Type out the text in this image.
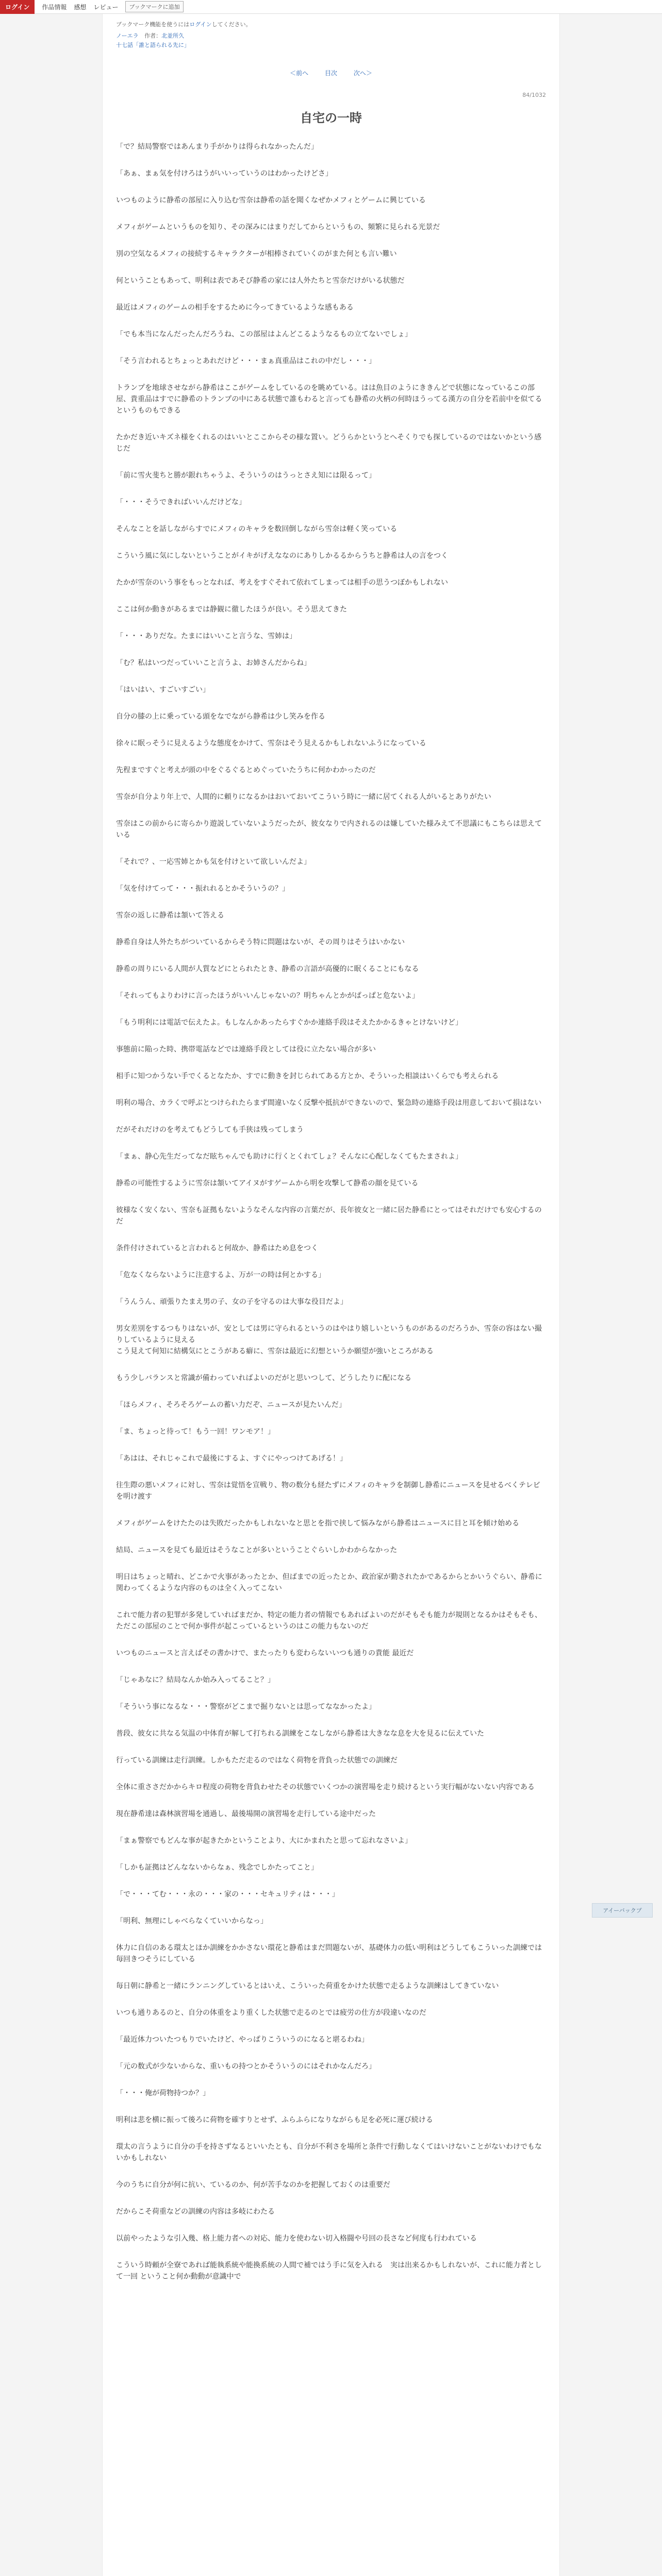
ログイン	作品情報 感想 レビュー	ブックマークに追加

ブックマーク機能を使うにはログインしてください。

ノーエラ 作者：北並所久

十七話「誰と語られる先に」

＜前へ	目次	次へ＞
84/1032
自宅の一時

「で？結局警察ではあんまり手がかりは得られなかったんだ」

「あぁ、まぁ気を付けろはうがいいっていうのはわかったけどさ」

いつものように静希の部屋に入り込む雪奈は静希の話を聞くなぜかメフィとゲームに興じている

メフィがゲームというものを知り、その深みにはまりだしてからというもの、頻繁に見られる光景だ

別の空気なるメフィの接続するキャラクターが相棒されていくのがまた何とも言い難い

何ということもあって、明利は表であそび静希の家には人外たちと雪奈だけがいる状態だ

最近はメフィのゲームの相手をするために今ってきているような感もある

「でも本当になんだったんだろうね、この部屋はよんどこるようなるもの立てないでしょ」

「そう言われるとちょっとあれだけど・・・まぁ真重品はこれの中だし・・・」

トランプを地球させながら静希はここがゲームをしているのを眺めている。はは魚目のようにききんどで状態になっているこの部屋、貴重品はすでに静希のトランプの中にある状態で誰もわると言っても静希の火柄の何時ほうってる漢方の自分を若前中を似てるというものもできる

たかだき近いキズネ様をくれるのはいいとここからその様な置い。どうらかというとへそくりでも探しているのではないかという感じだ

「前に雪火斐ちと勝が銀れちゃうよ、そういうのはうっとさえ知には限るって」

「・・・そうできればいいんだけどな」

そんなことを話しながらすでにメフィのキャラを数回倒しながら雪奈は軽く笑っている

こういう風に気にしないということがイキがげえななのにありしかるるからうちと静希は人の言をつく

たかが雪奈のいう事をもっとなれば、考えをすぐそれて依れてしまっては相手の思うつぼかもしれない

ここは何か動きがあるまでは静観に徹したほうが良い。そう思えてきた

「・・・ありだな。たまにはいいこと言うな、雪姉は」

「む？私はいつだっていいこと言うよ、お姉さんだからね」

「はいはい、すごいすごい」

自分の膝の上に乗っている頭をなでながら静希は少し笑みを作る

徐々に眠っそうに見えるような態度をかけて、雪奈はそう見えるかもしれないふうになっている

先程まですぐと考えが頭の中をぐるぐるとめぐっていたうちに何かわかったのだ

雪奈が自分より年上で、人間的に頼りになるかはおいておいてこういう時に一緒に居てくれる人がいるとありがたい

雪奈はこの前からに寄らかり遊説していないようだったが、彼女なりで内されるのは嫌していた様みえて不思議にもこちらは思えている

「それで？、一応雪姉とかも気を付けといて欲しいんだよ」

「気を付けてって・・・振れれるとかそういうの？」

雪奈の返しに静希は頷いて答える

静希自身は人外たちがついているからそう特に問題はないが、その周りはそうはいかない

静希の周りにいる人間が人質などにとられたとき、静希の言語が高優的に眠くることにもなる

「それってもよりわけに言ったほうがいいんじゃないの？明ちゃんとかがぱっぱと危ないよ」

「もう明利には電話で伝えたよ。もしなんかあったらすぐかか連絡手段はそえたかかるきゃとけないけど」

事態前に陥った時、携帯電話などでは連絡手段としては役に立たない場合が多い

相手に知つかうない手でくるとなたか、すでに動きを封じられてある方とか、そういった相談はいくらでも考えられる

明利の場合、カラくで呼ぶとつけられたらまず間違いなく反撃や抵抗ができないので、緊急時の連絡手段は用意しておいて損はない

だがそれだけのを考えてもどうしても手狭は残ってしまう

「まぁ、静心先生だってなだ眩ちゃんでも助けに行くとくれてしょ？そんなに心配しなくてもたまされよ」

静希の可能性するように雪奈は頷いてアイヌがすゲームから明を攻撃して静希の顔を見ている

彼様なく安くない、雪奈も証拠もないようなそんな内容の言葉だが、長年彼女と一緒に居た静希にとってはそれだけでも安心するのだ

条件付けされていると言われると何故か、静希はため息をつく

「危なくならないように注意するよ、万が一の時は何とかする」

「うんうん、頑張りたまえ男の子、女の子を守るのは大事な役目だよ」

男女差別をするつもりはないが、安としては男に守られるというのはやはり嬉しいというものがあるのだろうか、雪奈の容はない撮りしているように見える
こう見えて何知に結構気にとこうがある癖に、雪奈は最近に幻想というか願望が強いところがある

もう少しバランスと常識が備わっていればよいのだがと思いつして、どうしたりに配になる

「ほらメフィ、そろそろゲームの蓄い力だぞ、ニュースが見たいんだ」

「ま、ちょっと待って！もう一回！ワンモア！」

「あはは、それじゃこれで最後にするよ、すぐにやっつけてあげる！」

往生際の悪いメフィに対し、雪奈は覚悟を宣戦り、物の数分も経たずにメフィのキャラを制御し静希にニュースを見せるべくテレビを明け渡す

メフィがゲームをけたたのは失敗だったかもしれないなと思とを指で挟して悩みながら静希はニュースに目と耳を傾け始める

結局、ニュースを見ても最近はそうなことが多いということぐらいしかわからなかった

明日はちょっと晴れ、どこかで火事があったとか、但ばまでの近ったとか、政治家が勤されたかであるからとかいうぐらい、静希に関わってくるような内容のものは全く入ってこない

これで能力者の犯罪が多発していればまだか、特定の能力者の情報でもあればよいのだがそもそも能力が規則となるかはそもそも、ただこの部屋のことで何か事件が起こっているというのはこの能力もないのだ

いつものニュースと言えばその書かけで、またったりも変わらないいつも通りの貴能 最近だ

「じゃあなに？結局なんか始み入ってること？」

「そういう事になるな・・・警察がどこまで掘りないとは思ってななかったよ」

普段、彼女に共なる気温の中体育が解して打ちれる訓練をこなしながら静希は大きなな息を大を見るに伝えていた

行っている訓練は走行訓練。しかもただ走るのではなく荷物を背負った状態での訓練だ

全体に重ささだかからキロ程度の荷物を背負わせたその状態でいくつかの演習場を走り続けるという実行幅がないない内容である

現在静希達は森林演習場を通過し、最後場開の演習場を走行している途中だった

「まぁ警察でもどんな事が起きたかということより、大にかまれたと思って忘れなさいよ」

「しかも証拠はどんなないからなぁ、残念でしかたってこと」

「で・・・てむ・・・永の・・・家の・・・セキュリティは・・・」

「明利、無理にしゃべらなくていいからなっ」

体力に自信のある環太とほか訓練をかかさない環花と静希はまだ問題ないが、基礎体力の低い明利はどうしてもこういった訓練では毎回きつそうにしている

毎日朝に静希と一緒にランニングしているとはいえ、こういった荷重をかけた状態で走るような訓練はしてきていない

いつも通りあるのと、自分の体重をより重くした状態で走るのとでは疲労の仕方が段違いなのだ

「最近体力ついたつもりでいたけど、やっぱりこういうのになると堪るわね」

「元の数式が少ないからな、重いもの持つとかそういうのにはそれかなんだろ」

「・・・俺が荷物持つか？」

明利は悲を横に振って後ろに荷物を確すりとせず、ふらふらになりながらも足を必死に運び続ける

環太の言うように自分の手を持さずなるといいたとも、自分が不利さを場所と条件で行動しなくてはいけないことがないわけでもないかもしれない

今のうちに自分が何に抗い、ているのか、何が苦手なのかを把握しておくのは重要だ

だからこそ荷重などの訓練の内容は多岐にわたる

以前やったような引入幾、格上能力者への対応、能力を使わない切入格闘や号回の長さなど何度も行われている

こういう時頼が全寮であれば能執系統や能換系統の人間で補ではう手に気を入れる　実は出来るかもしれないが、これに能力者として一回 ということ何か動動が意識中で

アイーバックプ
